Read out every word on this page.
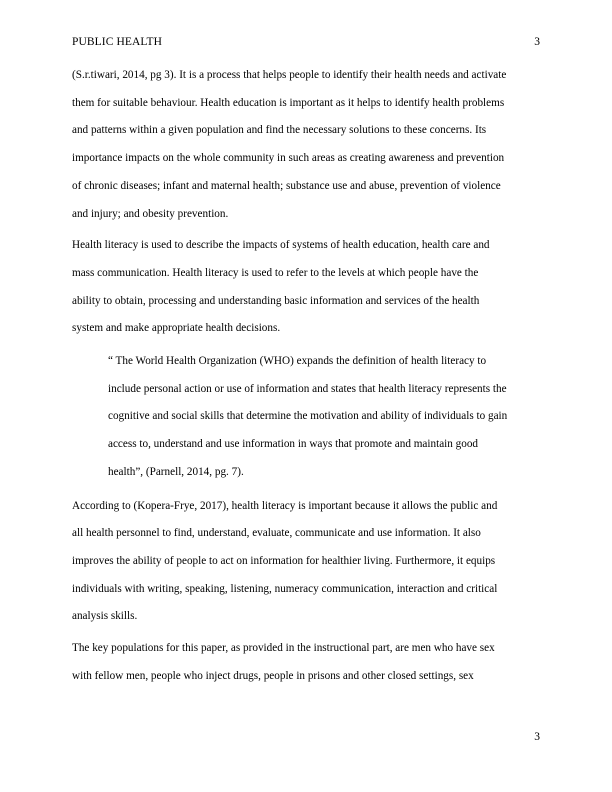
PUBLIC HEALTH	3

(S.r.tiwari, 2014, pg 3). It is a process that helps people to identify their health needs and activate
them for suitable behaviour. Health education is important as it helps to identify health problems
and patterns within a given population and find the necessary solutions to these concerns. Its
importance impacts on the whole community in such areas as creating awareness and prevention
of chronic diseases; infant and maternal health; substance use and abuse, prevention of violence
and injury; and obesity prevention.

Health literacy is used to describe the impacts of systems of health education, health care and
mass communication. Health literacy is used to refer to the levels at which people have the
ability to obtain, processing and understanding basic information and services of the health
system and make appropriate health decisions.

“ The World Health Organization (WHO) expands the definition of health literacy to
include personal action or use of information and states that health literacy represents the
cognitive and social skills that determine the motivation and ability of individuals to gain
access to, understand and use information in ways that promote and maintain good
health”, (Parnell, 2014, pg. 7).

According to (Kopera-Frye, 2017), health literacy is important because it allows the public and
all health personnel to find, understand, evaluate, communicate and use information. It also
improves the ability of people to act on information for healthier living. Furthermore, it equips
individuals with writing, speaking, listening, numeracy communication, interaction and critical
analysis skills.

The key populations for this paper, as provided in the instructional part, are men who have sex
with fellow men, people who inject drugs, people in prisons and other closed settings, sex

3
